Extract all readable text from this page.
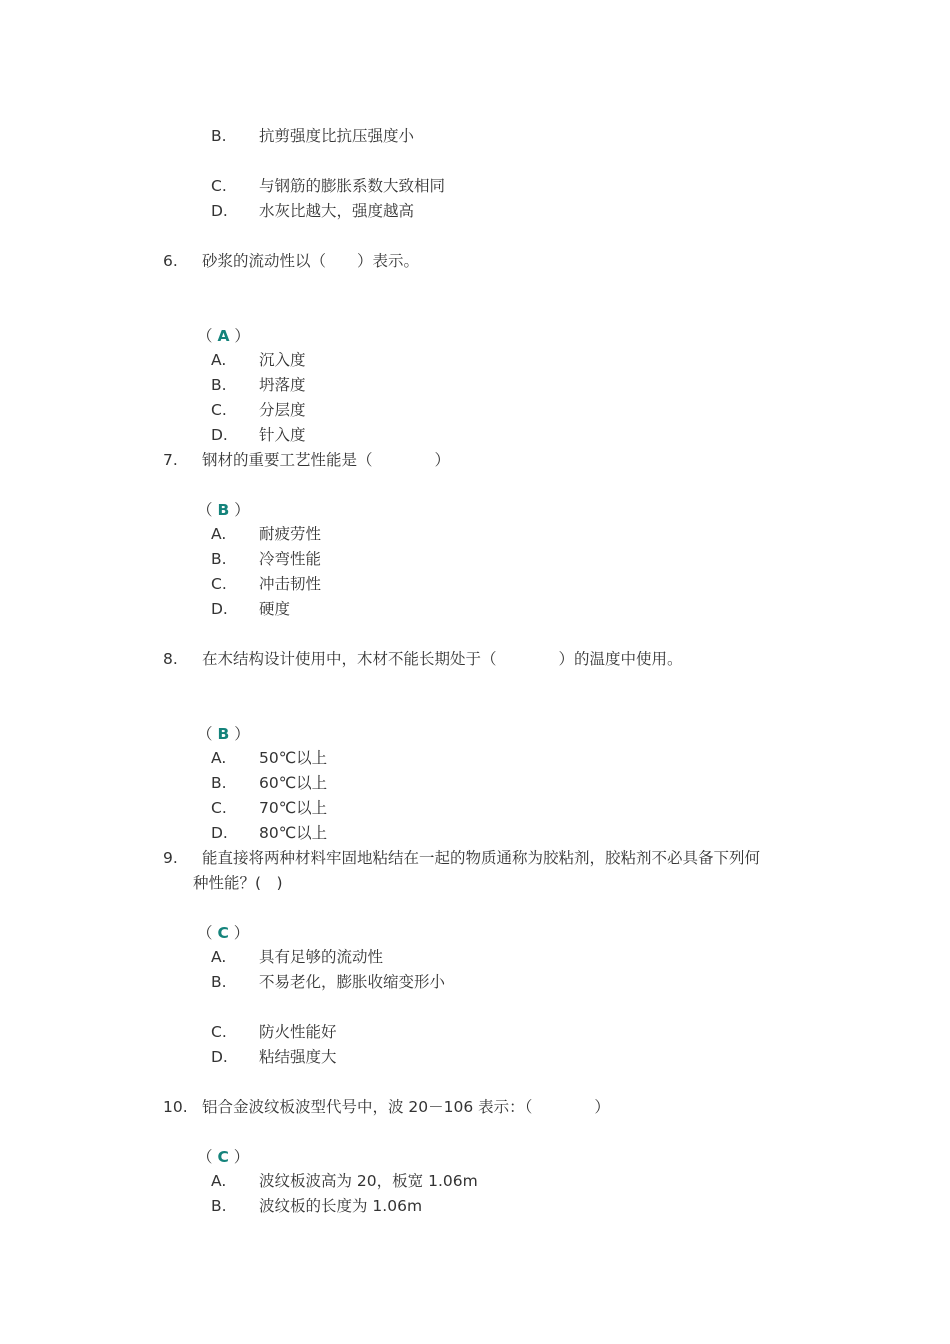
B. 抗剪强度比抗压强度小
C. 与钢筋的膨胀系数大致相同
D. 水灰比越大，强度越高
6. 砂浆的流动性以（　　）表示。
（ A ）
A. 沉入度
B. 坍落度
C. 分层度
D. 针入度
7. 钢材的重要工艺性能是（　　　　）
（ B ）
A. 耐疲劳性
B. 冷弯性能
C. 冲击韧性
D. 硬度
8. 在木结构设计使用中，木材不能长期处于（　　　　）的温度中使用。
（ B ）
A. 50℃以上
B. 60℃以上
C. 70℃以上
D. 80℃以上
9. 能直接将两种材料牢固地粘结在一起的物质通称为胶粘剂，胶粘剂不必具备下列何
种性能？(　)
（ C ）
A. 具有足够的流动性
B. 不易老化，膨胀收缩变形小
C. 防火性能好
D. 粘结强度大
10. 铝合金波纹板波型代号中，波 20－106 表示：（　　　　）
（ C ）
A. 波纹板波高为 20，板宽 1.06m
B. 波纹板的长度为 1.06m
